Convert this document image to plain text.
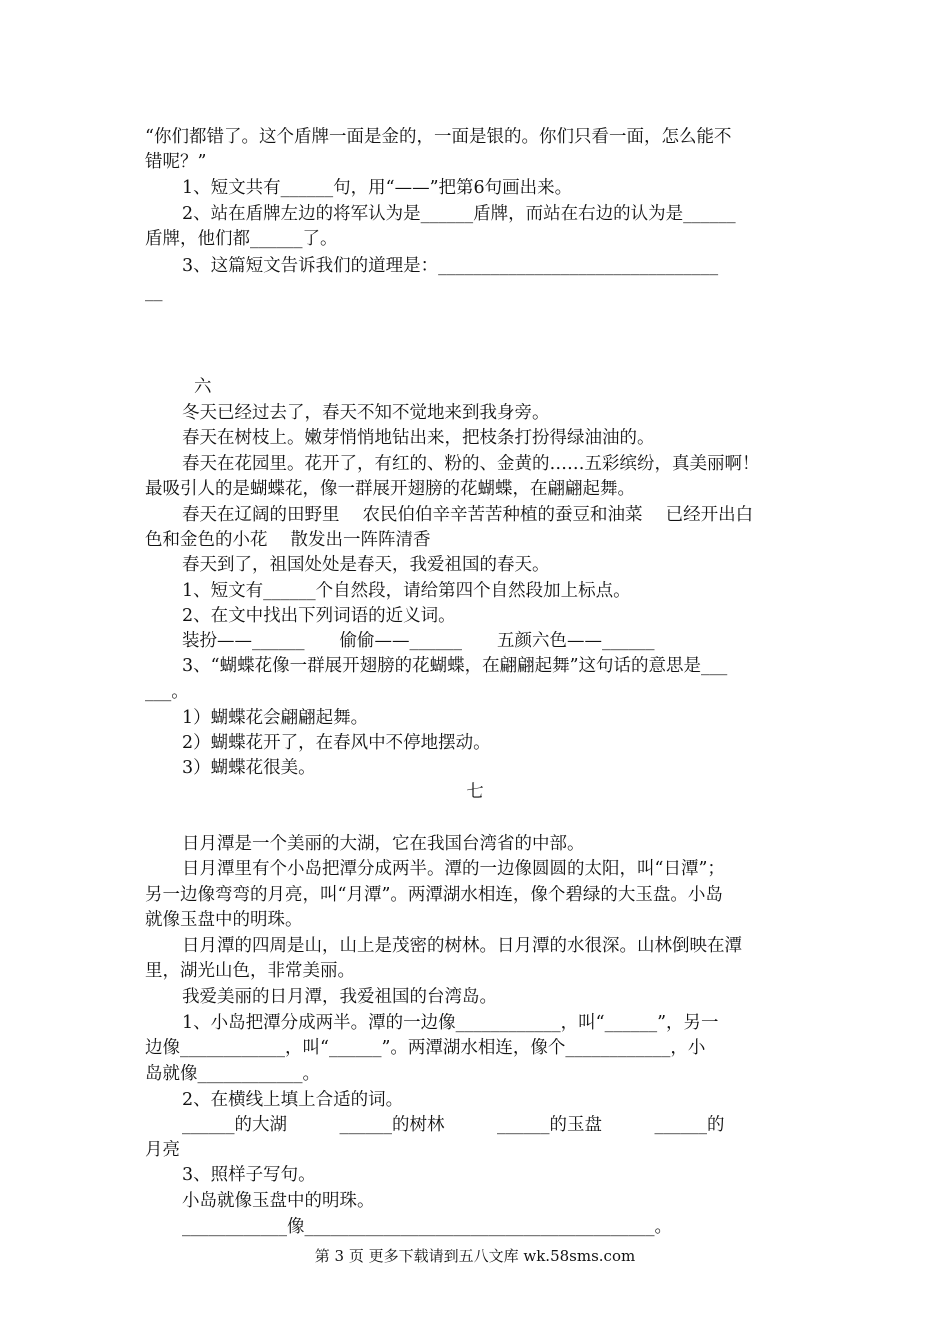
“你们都错了。这个盾牌一面是金的，一面是银的。你们只看一面，怎么能不
错呢？”
1、短文共有______句，用“——”把第6句画出来。
2、站在盾牌左边的将军认为是______盾牌，而站在右边的认为是______
盾牌，他们都______了。
3、这篇短文告诉我们的道理是：________________________________
__
六
冬天已经过去了，春天不知不觉地来到我身旁。
春天在树枝上。嫩芽悄悄地钻出来，把枝条打扮得绿油油的。
春天在花园里。花开了，有红的、粉的、金黄的……五彩缤纷，真美丽啊！
最吸引人的是蝴蝶花，像一群展开翅膀的花蝴蝶，在翩翩起舞。
春天在辽阔的田野里　 农民伯伯辛辛苦苦种植的蚕豆和油菜　 已经开出白
色和金色的小花　 散发出一阵阵清香
春天到了，祖国处处是春天，我爱祖国的春天。
1、短文有______个自然段，请给第四个自然段加上标点。
2、在文中找出下列词语的近义词。
装扮——______　　偷偷——______　　五颜六色——______
3、“蝴蝶花像一群展开翅膀的花蝴蝶，在翩翩起舞”这句话的意思是___
___。
1）蝴蝶花会翩翩起舞。
2）蝴蝶花开了，在春风中不停地摆动。
3）蝴蝶花很美。
七
日月潭是一个美丽的大湖，它在我国台湾省的中部。
日月潭里有个小岛把潭分成两半。潭的一边像圆圆的太阳，叫“日潭”；
另一边像弯弯的月亮，叫“月潭”。两潭湖水相连，像个碧绿的大玉盘。小岛
就像玉盘中的明珠。
日月潭的四周是山，山上是茂密的树林。日月潭的水很深。山林倒映在潭
里，湖光山色，非常美丽。
我爱美丽的日月潭，我爱祖国的台湾岛。
1、小岛把潭分成两半。潭的一边像____________，叫“______”，另一
边像____________，叫“______”。两潭湖水相连，像个____________，小
岛就像____________。
2、在横线上填上合适的词。
______的大湖　　　______的树林　　　______的玉盘　　　______的
月亮
3、照样子写句。
小岛就像玉盘中的明珠。
____________像________________________________________。
第 3 页 更多下载请到五八文库 wk.58sms.com
